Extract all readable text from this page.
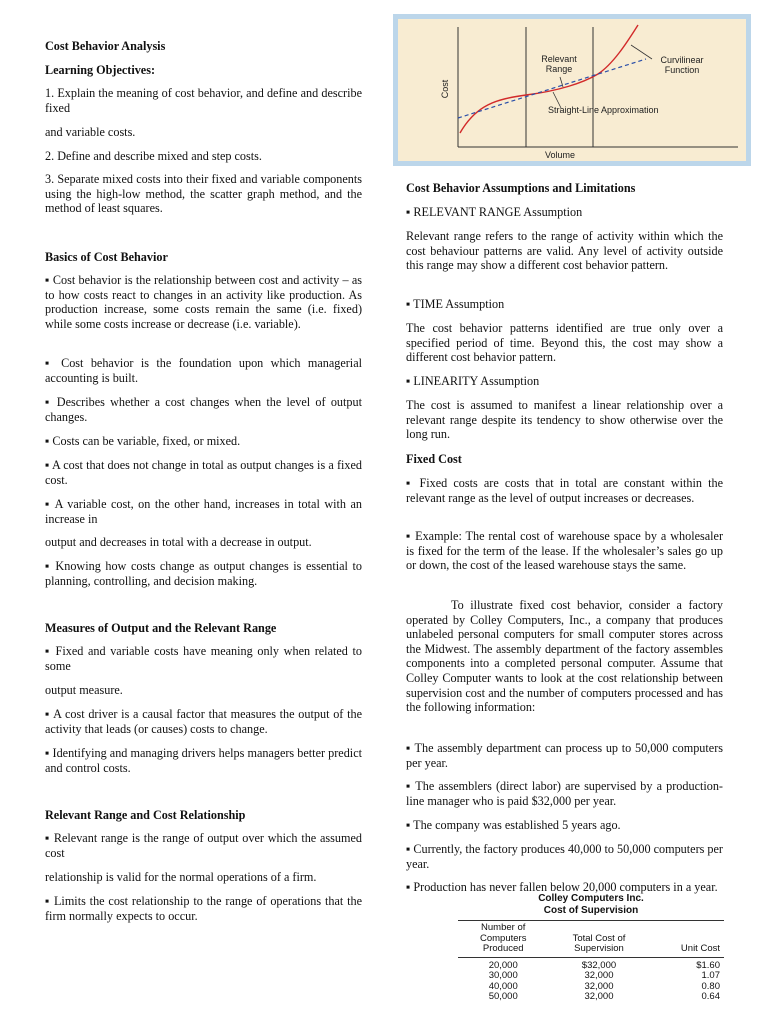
Cost Behavior Analysis
Learning Objectives:
1. Explain the meaning of cost behavior, and define and describe fixed
and variable costs.
2. Define and describe mixed and step costs.
3. Separate mixed costs into their fixed and variable components using the high-low method, the scatter graph method, and the method of least squares.
Basics of Cost Behavior
▪ Cost behavior is the relationship between cost and activity – as to how costs react to changes in an activity like production. As production increase, some costs remain the same (i.e. fixed) while some costs increase or decrease (i.e. variable).
▪ Cost behavior is the foundation upon which managerial accounting is built.
▪ Describes whether a cost changes when the level of output changes.
▪ Costs can be variable, fixed, or mixed.
▪ A cost that does not change in total as output changes is a fixed cost.
▪ A variable cost, on the other hand, increases in total with an increase in
output and decreases in total with a decrease in output.
▪ Knowing how costs change as output changes is essential to planning, controlling, and decision making.
Measures of Output and the Relevant Range
▪ Fixed and variable costs have meaning only when related to some
output measure.
▪ A cost driver is a causal factor that measures the output of the activity that leads (or causes) costs to change.
▪ Identifying and managing drivers helps managers better predict and control costs.
Relevant Range and Cost Relationship
▪ Relevant range is the range of output over which the assumed cost
relationship is valid for the normal operations of a firm.
▪ Limits the cost relationship to the range of operations that the firm normally expects to occur.
Cost
Volume
Relevant
Range
Curvilinear
Function
Straight-Line Approximation
Cost Behavior Assumptions and Limitations
▪ RELEVANT RANGE Assumption
Relevant range refers to the range of activity within which the cost behaviour patterns are valid. Any level of activity outside this range may show a different cost behavior pattern.
▪ TIME Assumption
The cost behavior patterns identified are true only over a specified period of time. Beyond this, the cost may show a different cost behavior pattern.
▪ LINEARITY Assumption
The cost is assumed to manifest a linear relationship over a relevant range despite its tendency to show otherwise over the long run.
Fixed Cost
▪ Fixed costs are costs that in total are constant within the relevant range as the level of output increases or decreases.
▪ Example: The rental cost of warehouse space by a wholesaler is fixed for the term of the lease. If the wholesaler’s sales go up or down, the cost of the leased warehouse stays the same.
To illustrate fixed cost behavior, consider a factory operated by Colley Computers, Inc., a company that produces unlabeled personal computers for small computer stores across the Midwest. The assembly department of the factory assembles components into a completed personal computer. Assume that Colley Computer wants to look at the cost relationship between supervision cost and the number of computers processed and has the following information:
▪ The assembly department can process up to 50,000 computers per year.
▪ The assemblers (direct labor) are supervised by a production-line manager who is paid $32,000 per year.
▪ The company was established 5 years ago.
▪ Currently, the factory produces 40,000 to 50,000 computers per year.
▪ Production has never fallen below 20,000 computers in a year.
Colley Computers Inc.
Cost of Supervision
Number of Computers Produced	Total Cost of Supervision	Unit Cost
20,000	$32,000	$1.60
30,000	32,000	1.07
40,000	32,000	0.80
50,000	32,000	0.64
